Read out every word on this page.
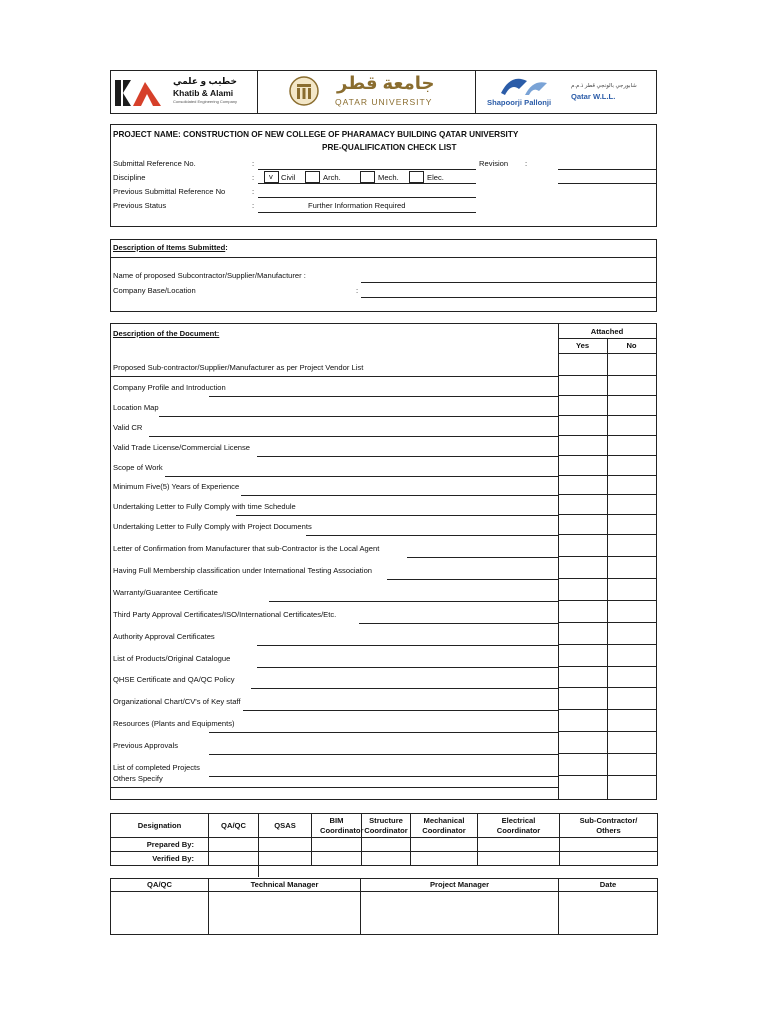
خطيب و علمي
Khatib & Alami
Consolidated Engineering Company
جامعة قطر
QATAR UNIVERSITY	Shapoorji Pallonji
شابورجي بالونجي قطر ذ.م.م
Qatar W.L.L.
PROJECT NAME: CONSTRUCTION OF NEW COLLEGE OF PHARAMACY BUILDING QATAR UNIVERSITY
PRE-QUALIFICATION CHECK LIST
Submittal Reference No.	:	Revision :
Discipline	: v Civil	Arch.	Mech.	Elec.
Previous Submittal Reference No	:
Previous Status	:	Further Information Required
Description of Items Submitted:
Name of proposed Subcontractor/Supplier/Manufacturer :
Company Base/Location	:
Description of the Document:	Attached
Yes	No
Proposed Sub-contractor/Supplier/Manufacturer as per Project Vendor List
Company Profile and Introduction
Location Map
Valid CR
Valid Trade License/Commercial License
Scope of Work
Minimum Five(5) Years of Experience
Undertaking Letter to Fully Comply with time Schedule
Undertaking Letter to Fully Comply with Project Documents
Letter of Confirmation from Manufacturer that sub-Contractor is the Local Agent
Having Full Membership classification under International Testing Association
Warranty/Guarantee Certificate
Third Party Approval Certificates/ISO/International Certificates/Etc.
Authority Approval Certificates
List of Products/Original Catalogue
QHSE Certificate and QA/QC Policy
Organizational Chart/CV's of Key staff
Resources (Plants and Equipments)
Previous Approvals
List of completed Projects
Others Specify
Designation	QA/QC	QSAS	BIM Coordinator	Structure Coordinator	Mechanical Coordinator	Electrical Coordinator	Sub-Contractor/ Others
Prepared By:							
Verified By:							
QA/QC	Technical Manager	Project Manager	Date
